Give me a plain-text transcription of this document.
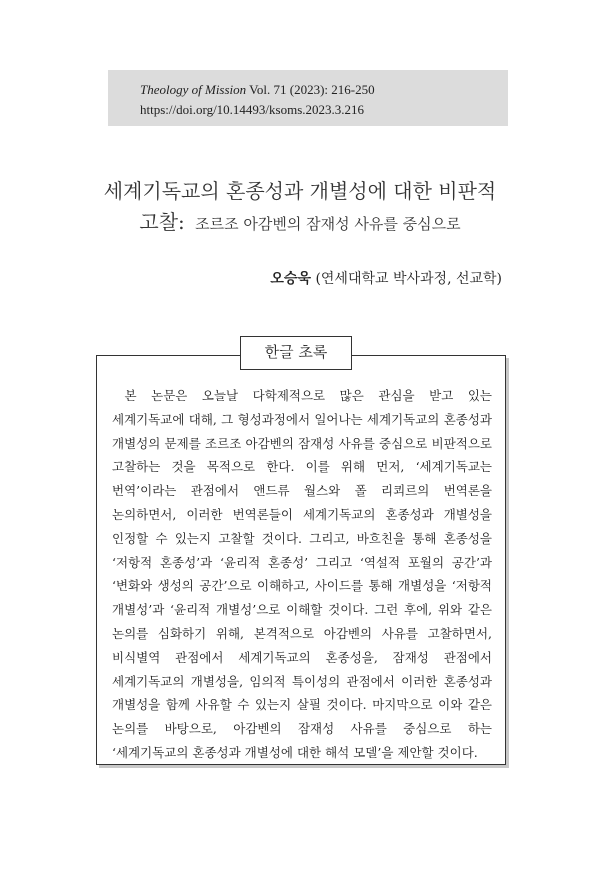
Theology of Mission Vol. 71 (2023): 216-250
https://doi.org/10.14493/ksoms.2023.3.216
세계기독교의 혼종성과 개별성에 대한 비판적
고찰: 조르조 아감벤의 잠재성 사유를 중심으로
오승욱 (연세대학교 박사과정, 선교학)
한글 초록

본 논문은 오늘날 다학제적으로 많은 관심을 받고 있는 세계기독교에 대해, 그 형성과정에서 일어나는 세계기독교의 혼종성과 개별성의 문제를 조르조 아감벤의 잠재성 사유를 중심으로 비판적으로 고찰하는 것을 목적으로 한다. 이를 위해 먼저, ‘세계기독교는 번역’이라는 관점에서 앤드류 월스와 폴 리쾨르의 번역론을 논의하면서, 이러한 번역론들이 세계기독교의 혼종성과 개별성을 인정할 수 있는지 고찰할 것이다. 그리고, 바흐친을 통해 혼종성을 ‘저항적 혼종성’과 ‘윤리적 혼종성’ 그리고 ‘역설적 포월의 공간’과 ‘변화와 생성의 공간’으로 이해하고, 사이드를 통해 개별성을 ‘저항적 개별성’과 ‘윤리적 개별성’으로 이해할 것이다. 그런 후에, 위와 같은 논의를 심화하기 위해, 본격적으로 아감벤의 사유를 고찰하면서, 비식별역 관점에서 세계기독교의 혼종성을, 잠재성 관점에서 세계기독교의 개별성을, 임의적 특이성의 관점에서 이러한 혼종성과 개별성을 함께 사유할 수 있는지 살필 것이다. 마지막으로 이와 같은 논의를 바탕으로, 아감벤의 잠재성 사유를 중심으로 하는 ‘세계기독교의 혼종성과 개별성에 대한 해석 모델’을 제안할 것이다.
